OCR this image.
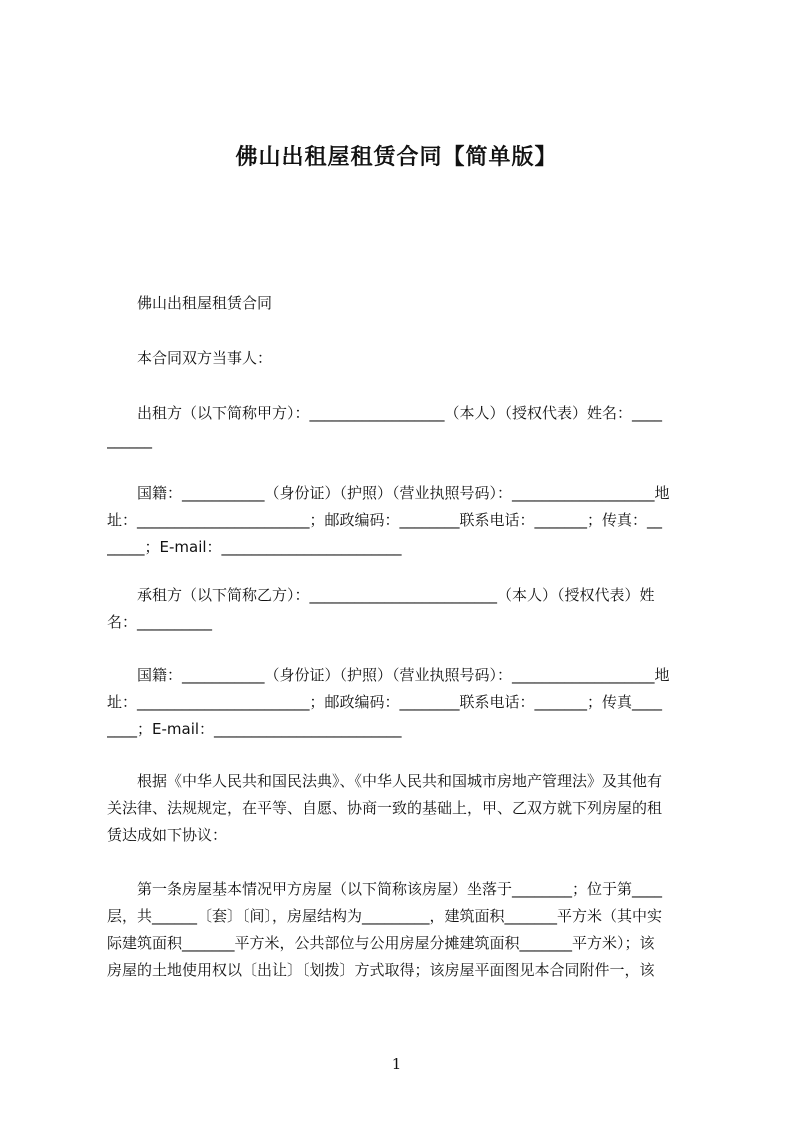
佛山出租屋租赁合同【简单版】
　　佛山出租屋租赁合同
　　本合同双方当事人：
　　出租方（以下简称甲方）：__________________（本人）（授权代表）姓名：____
______
　　国籍：___________（身份证）（护照）（营业执照号码）：___________________地
址：_______________________；邮政编码：________联系电话：_______；传真：__
_____；E-mail：________________________
　　承租方（以下简称乙方）：_________________________（本人）（授权代表）姓
名：__________
　　国籍：___________（身份证）（护照）（营业执照号码）：___________________地
址：_______________________；邮政编码：________联系电话：_______；传真____
____；E-mail：_________________________
　　根据《中华人民共和国民法典》、《中华人民共和国城市房地产管理法》及其他有
关法律、法规规定，在平等、自愿、协商一致的基础上，甲、乙双方就下列房屋的租
赁达成如下协议：
　　第一条房屋基本情况甲方房屋（以下简称该房屋）坐落于________；位于第____
层，共______〔套〕〔间〕，房屋结构为_________，建筑面积_______平方米（其中实
际建筑面积_______平方米，公共部位与公用房屋分摊建筑面积_______平方米）；该
房屋的土地使用权以〔出让〕〔划拨〕方式取得；该房屋平面图见本合同附件一，该
1
